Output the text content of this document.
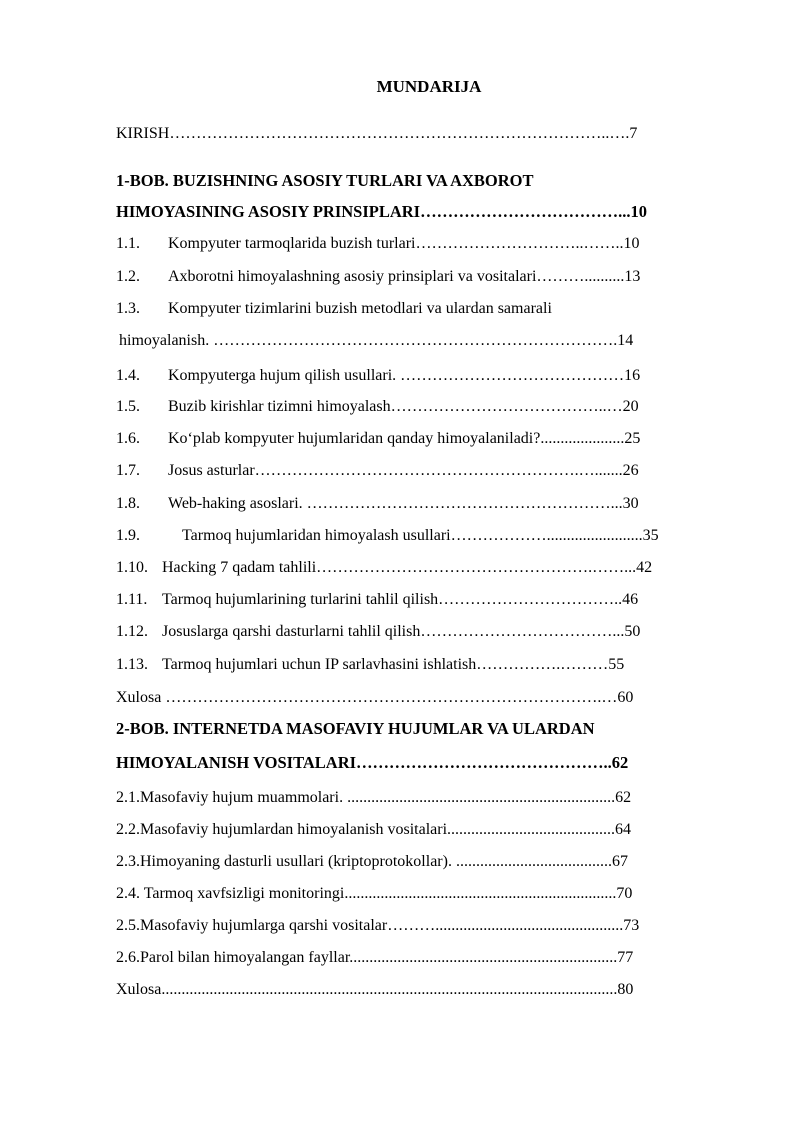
MUNDARIJA
KIRISH………………………………………………………………………..….7
1-BOB. BUZISHNING ASOSIY TURLARI VA AXBOROT
HIMOYASINING ASOSIY PRINSIPLARI………………………………...10
1.1. Kompyuter tarmoqlarida buzish turlari…………………………..……..10
1.2. Axborotni himoyalashning asosiy prinsiplari va vositalari………..........13
1.3. Kompyuter tizimlarini buzish metodlari va ulardan samarali
himoyalanish. ………………………………………………………………….14
1.4. Kompyuterga hujum qilish usullari. ……………………………………16
1.5. Buzib kirishlar tizimni himoyalash…………………………………..…20
1.6. Ko‘plab kompyuter hujumlaridan qanday himoyalaniladi?.....................25
1.7. Josus asturlar…………………………………………………….….......26
1.8. Web-haking asoslari. …………………………………………………...30
1.9.	Tarmoq hujumlaridan himoyalash usullari………………........................35
1.10. Hacking 7 qadam tahlili…………………………………………….……...42
1.11. Tarmoq hujumlarining turlarini tahlil qilish……………………………..46
1.12. Josuslarga qarshi dasturlarni tahlil qilish………………………………...50
1.13. Tarmoq hujumlari uchun IP sarlavhasini ishlatish…………….………55
Xulosa ……………………………………………………………………….…60
2-BOB. INTERNETDA MASOFAVIY HUJUMLAR VA ULARDAN
HIMOYALANISH VOSITALARI………………………………………..62
2.1.Masofaviy hujum muammolari. ...................................................................62
2.2.Masofaviy hujumlardan himoyalanish vositalari..........................................64
2.3.Himoyaning dasturli usullari (kriptoprotokollar). .......................................67
2.4. Tarmoq xavfsizligi monitoringi....................................................................70
2.5.Masofaviy hujumlarga qarshi vositalar………...............................................73
2.6.Parol bilan himoyalangan fayllar...................................................................77
Xulosa..................................................................................................................80
